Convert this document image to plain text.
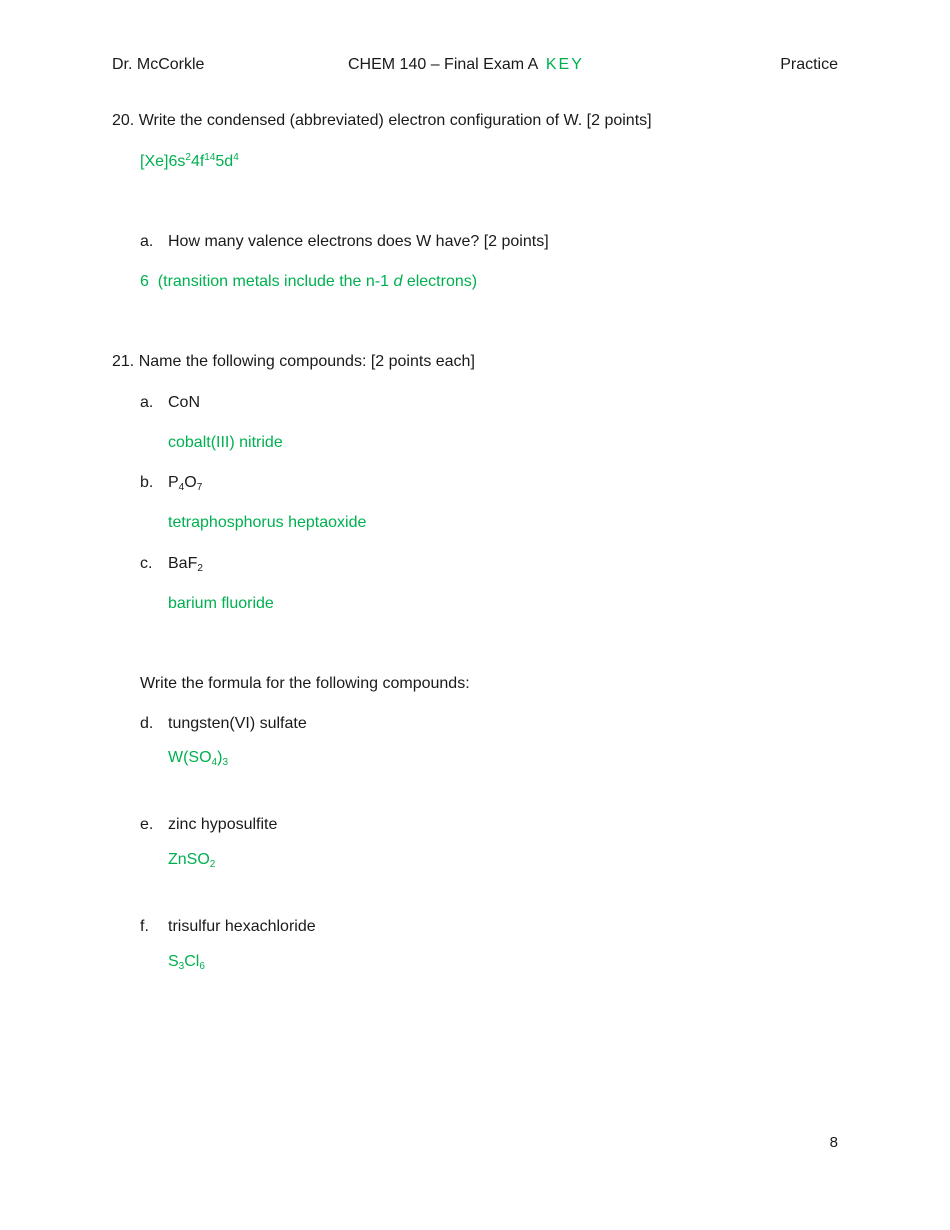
Dr. McCorkle	CHEM 140 – Final Exam A KEY	Practice
20. Write the condensed (abbreviated) electron configuration of W. [2 points]
$[Xe]6s^24f^{14}5d^4$
a. How many valence electrons does W have? [2 points]
6  (transition metals include the n-1 d electrons)
21. Name the following compounds: [2 points each]
a. CoN
cobalt(III) nitride
b. $P_4O_7$
tetraphosphorus heptaoxide
c. BaF$_2$
barium fluoride
Write the formula for the following compounds:
d. tungsten(VI) sulfate
$W(SO_4)_3$
e. zinc hyposulfite
ZnSO$_2$
f. trisulfur hexachloride
$S_3Cl_6$
8
